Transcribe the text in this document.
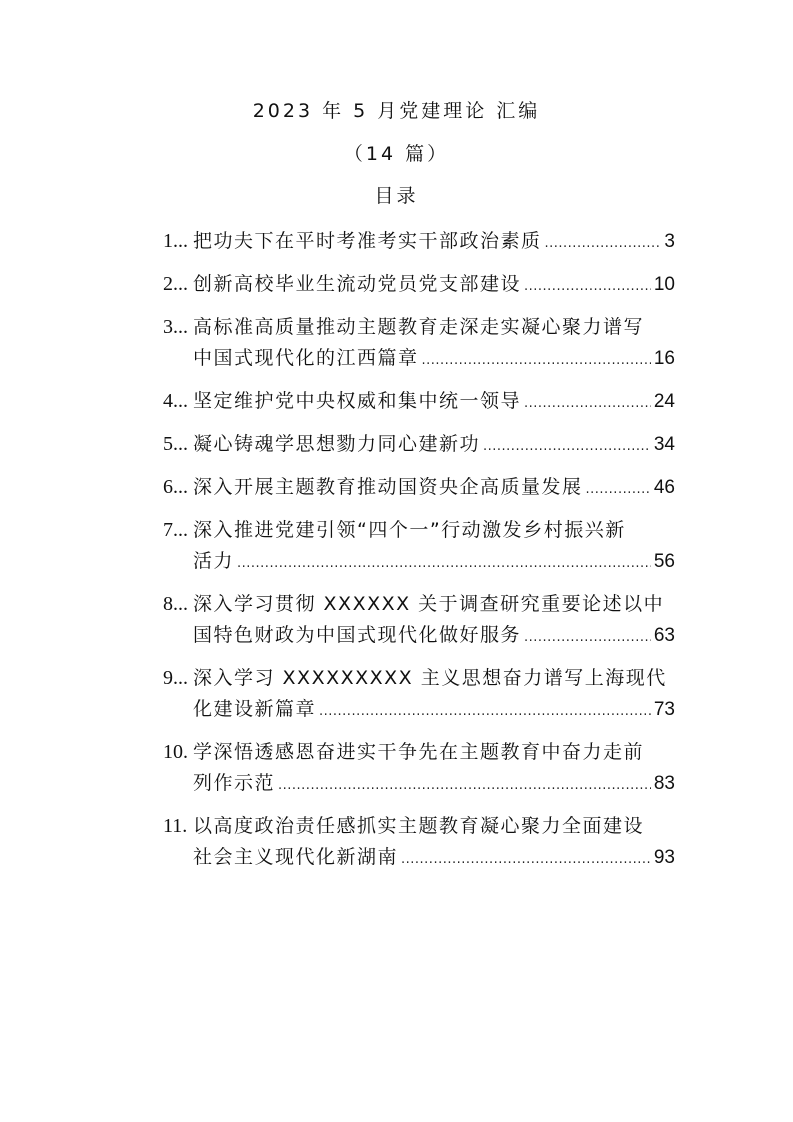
2023 年 5 月党建理论 汇编
（14 篇）
目录
1... 把功夫下在平时考准考实干部政治素质 .....	3
2... 创新高校毕业生流动党员党支部建设 .....	10
3... 高标准高质量推动主题教育走深走实凝心聚力谱写
中国式现代化的江西篇章 .....	16
4... 坚定维护党中央权威和集中统一领导 .....	24
5... 凝心铸魂学思想勠力同心建新功 .....	34
6... 深入开展主题教育推动国资央企高质量发展 .....	46
7... 深入推进党建引领“四个一”行动激发乡村振兴新
活力 .....	56
8... 深入学习贯彻 XXXXXX 关于调查研究重要论述以中
国特色财政为中国式现代化做好服务 .....	63
9... 深入学习 XXXXXXXXX 主义思想奋力谱写上海现代
化建设新篇章 .....	73
10. 学深悟透感恩奋进实干争先在主题教育中奋力走前
列作示范 .....	83
11. 以高度政治责任感抓实主题教育凝心聚力全面建设
社会主义现代化新湖南 .....	93
